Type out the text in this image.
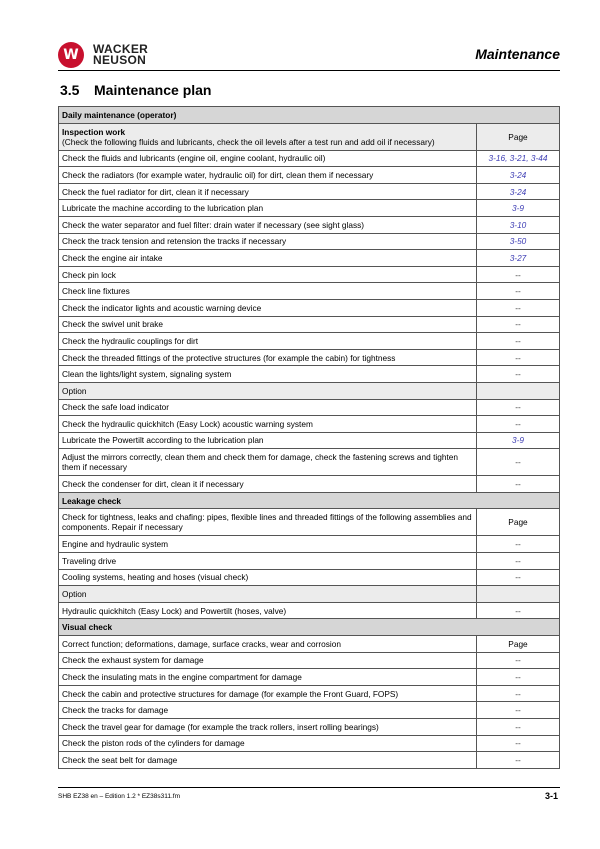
W	WACKER
NEUSON	Maintenance
3.5 Maintenance plan
Daily maintenance (operator)	

Inspection work
(Check the following fluids and lubricants, check the oil levels after a test run and add oil if necessary)	Page
Check the fluids and lubricants (engine oil, engine coolant, hydraulic oil)	3-16, 3-21, 3-44
Check the radiators (for example water, hydraulic oil) for dirt, clean them if necessary	3-24
Check the fuel radiator for dirt, clean it if necessary	3-24
Lubricate the machine according to the lubrication plan	3-9
Check the water separator and fuel filter: drain water if necessary (see sight glass)	3-10
Check the track tension and retension the tracks if necessary	3-50
Check the engine air intake	3-27
Check pin lock	--
Check line fixtures	--
Check the indicator lights and acoustic warning device	--
Check the swivel unit brake	--
Check the hydraulic couplings for dirt	--
Check the threaded fittings of the protective structures (for example the cabin) for tightness	--
Clean the lights/light system, signaling system	--
Option	
Check the safe load indicator	--
Check the hydraulic quickhitch (Easy Lock) acoustic warning system	--
Lubricate the Powertilt according to the lubrication plan	3-9
Adjust the mirrors correctly, clean them and check them for damage, check the fastening screws and tighten them if necessary	--
Check the condenser for dirt, clean it if necessary	--
Leakage check	
Check for tightness, leaks and chafing: pipes, flexible lines and threaded fittings of the following assemblies and components. Repair if necessary	Page
Engine and hydraulic system	--
Traveling drive	--
Cooling systems, heating and hoses (visual check)	--
Option	
Hydraulic quickhitch (Easy Lock) and Powertilt (hoses, valve)	--
Visual check	
Correct function; deformations, damage, surface cracks, wear and corrosion	Page
Check the exhaust system for damage	--
Check the insulating mats in the engine compartment for damage	--
Check the cabin and protective structures for damage (for example the Front Guard, FOPS)	--
Check the tracks for damage	--
Check the travel gear for damage (for example the track rollers, insert rolling bearings)	--
Check the piston rods of the cylinders for damage	--
Check the seat belt for damage	--
SHB EZ38 en – Edition 1.2 * EZ38s311.fm	3-1
